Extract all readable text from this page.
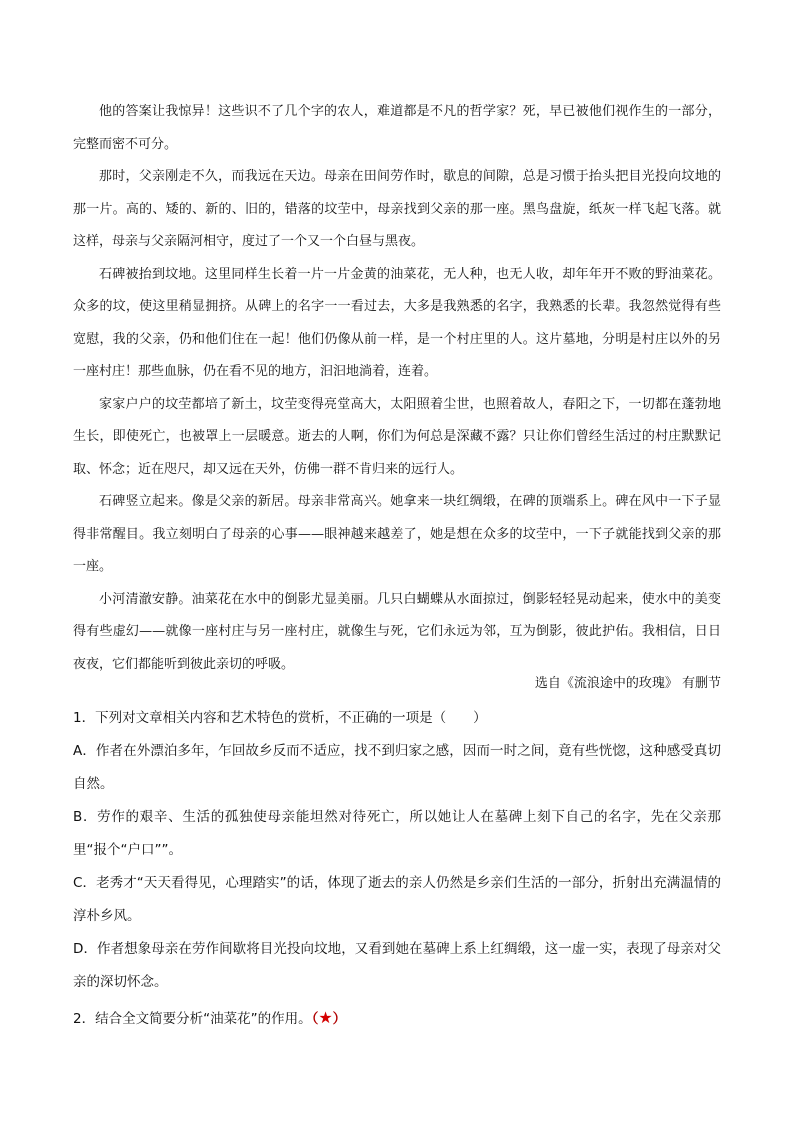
他的答案让我惊异！这些识不了几个字的农人，难道都是不凡的哲学家？死，早已被他们视作生的一部分，完整而密不可分。

那时，父亲刚走不久，而我远在天边。母亲在田间劳作时，歇息的间隙，总是习惯于抬头把目光投向坟地的那一片。高的、矮的、新的、旧的，错落的坟茔中，母亲找到父亲的那一座。黑鸟盘旋，纸灰一样飞起飞落。就这样，母亲与父亲隔河相守，度过了一个又一个白昼与黑夜。

石碑被抬到坟地。这里同样生长着一片一片金黄的油菜花，无人种，也无人收，却年年开不败的野油菜花。众多的坟，使这里稍显拥挤。从碑上的名字一一看过去，大多是我熟悉的名字，我熟悉的长辈。我忽然觉得有些宽慰，我的父亲，仍和他们住在一起！他们仍像从前一样，是一个村庄里的人。这片墓地，分明是村庄以外的另一座村庄！那些血脉，仍在看不见的地方，汩汩地淌着，连着。

家家户户的坟茔都培了新土，坟茔变得亮堂高大，太阳照着尘世，也照着故人，春阳之下，一切都在蓬勃地生长，即使死亡，也被罩上一层暖意。逝去的人啊，你们为何总是深藏不露？只让你们曾经生活过的村庄默默记取、怀念；近在咫尺，却又远在天外，仿佛一群不肯归来的远行人。

石碑竖立起来。像是父亲的新居。母亲非常高兴。她拿来一块红绸缎，在碑的顶端系上。碑在风中一下子显得非常醒目。我立刻明白了母亲的心事——眼神越来越差了，她是想在众多的坟茔中，一下子就能找到父亲的那一座。

小河清澈安静。油菜花在水中的倒影尤显美丽。几只白蝴蝶从水面掠过，倒影轻轻晃动起来，使水中的美变得有些虚幻——就像一座村庄与另一座村庄，就像生与死，它们永远为邻，互为倒影，彼此护佑。我相信，日日夜夜，它们都能听到彼此亲切的呼吸。

选自《流浪途中的玫瑰》 有删节

1．下列对文章相关内容和艺术特色的赏析，不正确的一项是（　　）

A．作者在外漂泊多年，乍回故乡反而不适应，找不到归家之感，因而一时之间，竟有些恍惚，这种感受真切自然。

B．劳作的艰辛、生活的孤独使母亲能坦然对待死亡，所以她让人在墓碑上刻下自己的名字，先在父亲那里“报个“户口””。

C．老秀才“天天看得见，心理踏实”的话，体现了逝去的亲人仍然是乡亲们生活的一部分，折射出充满温情的淳朴乡风。

D．作者想象母亲在劳作间歇将目光投向坟地，又看到她在墓碑上系上红绸缎，这一虚一实，表现了母亲对父亲的深切怀念。

2．结合全文简要分析“油菜花”的作用。（★）
